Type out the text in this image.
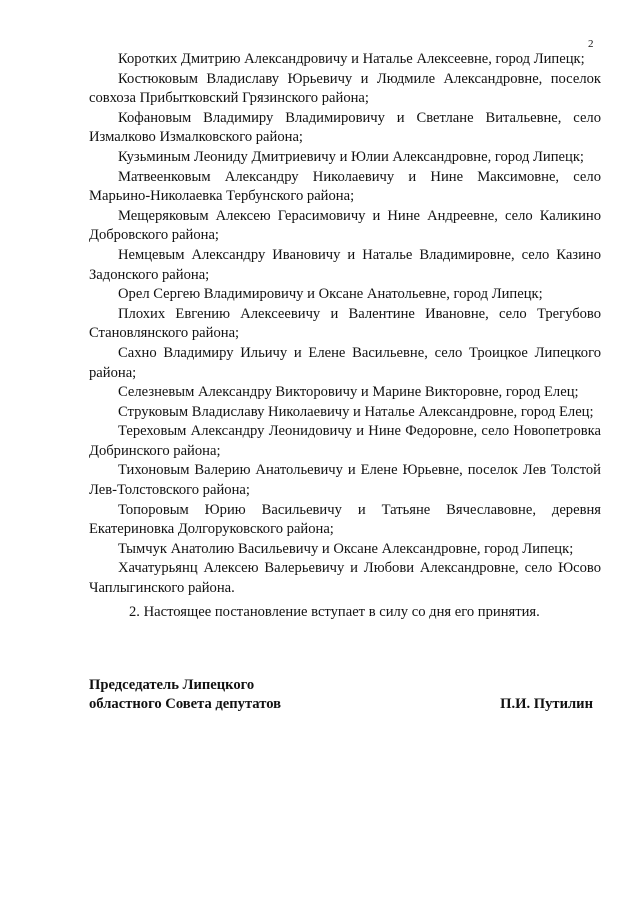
2

Коротких Дмитрию Александровичу и Наталье Алексеевне, город Липецк;

Костюковым Владиславу Юрьевичу и Людмиле Александровне, поселок совхоза Прибытковский Грязинского района;

Кофановым Владимиру Владимировичу и Светлане Витальевне, село Измалково Измалковского района;

Кузьминым Леониду Дмитриевичу и Юлии Александровне, город Липецк;

Матвеенковым Александру Николаевичу и Нине Максимовне, село Марьино-Николаевка Тербунского района;

Мещеряковым Алексею Герасимовичу и Нине Андреевне, село Каликино Добровского района;

Немцевым Александру Ивановичу и Наталье Владимировне, село Казино Задонского района;

Орел Сергею Владимировичу и Оксане Анатольевне, город Липецк;

Плохих Евгению Алексеевичу и Валентине Ивановне, село Трегубово Становлянского района;

Сахно Владимиру Ильичу и Елене Васильевне, село Троицкое Липецкого района;

Селезневым Александру Викторовичу и Марине Викторовне, город Елец;

Струковым Владиславу Николаевичу и Наталье Александровне, город Елец;

Тереховым Александру Леонидовичу и Нине Федоровне, село Новопетровка Добринского района;

Тихоновым Валерию Анатольевичу и Елене Юрьевне, поселок Лев Толстой Лев-Толстовского района;

Топоровым Юрию Васильевичу и Татьяне Вячеславовне, деревня Екатериновка Долгоруковского района;

Тымчук Анатолию Васильевичу и Оксане Александровне, город Липецк;

Хачатурьянц Алексею Валерьевичу и Любови Александровне, село Юсово Чаплыгинского района.

2. Настоящее постановление вступает в силу со дня его принятия.

Председатель Липецкого
областного Совета депутатов	П.И. Путилин
